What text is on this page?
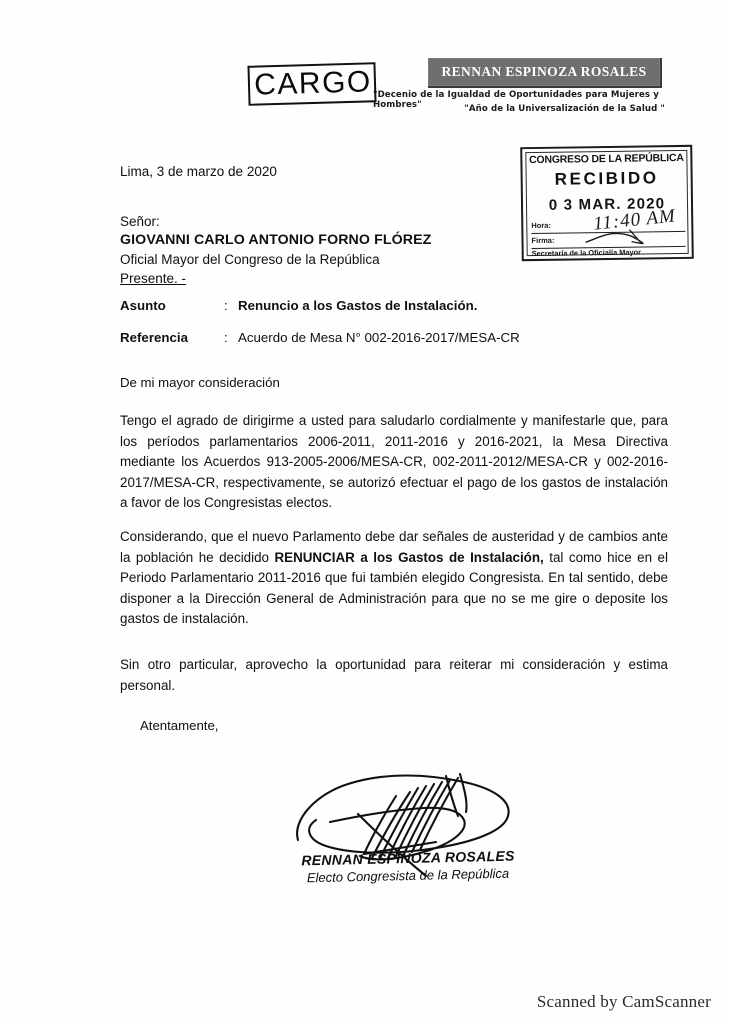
CARGO	RENNAN ESPINOZA ROSALES
"Decenio de la Igualdad de Oportunidades para Mujeres y Hombres"	"Año de la Universalización de la Salud "
CONGRESO DE LA REPÚBLICA
RECIBIDO
0 3 MAR. 2020
Hora:
Firma:
Secretaría de la Oficialía Mayor
11:40 AM
Lima, 3 de marzo de 2020
Señor:
GIOVANNI CARLO ANTONIO FORNO FLÓREZ
Oficial Mayor del Congreso de la República
Presente. -
Asunto	: Renuncio a los Gastos de Instalación.
Referencia	: Acuerdo de Mesa N° 002-2016-2017/MESA-CR
De mi mayor consideración
Tengo el agrado de dirigirme a usted para saludarlo cordialmente y manifestarle que, para los períodos parlamentarios 2006-2011, 2011-2016 y 2016-2021, la Mesa Directiva mediante los Acuerdos 913-2005-2006/MESA-CR, 002-2011-2012/MESA-CR y 002-2016-2017/MESA-CR, respectivamente, se autorizó efectuar el pago de los gastos de instalación a favor de los Congresistas electos.
Considerando, que el nuevo Parlamento debe dar señales de austeridad y de cambios ante la población he decidido RENUNCIAR a los Gastos de Instalación, tal como hice en el Periodo Parlamentario 2011-2016 que fui también elegido Congresista. En tal sentido, debe disponer a la Dirección General de Administración para que no se me gire o deposite los gastos de instalación.
Sin otro particular, aprovecho la oportunidad para reiterar mi consideración y estima personal.
Atentamente,
RENNAN ESPINOZA ROSALES
Electo Congresista de la República
Scanned by CamScanner
